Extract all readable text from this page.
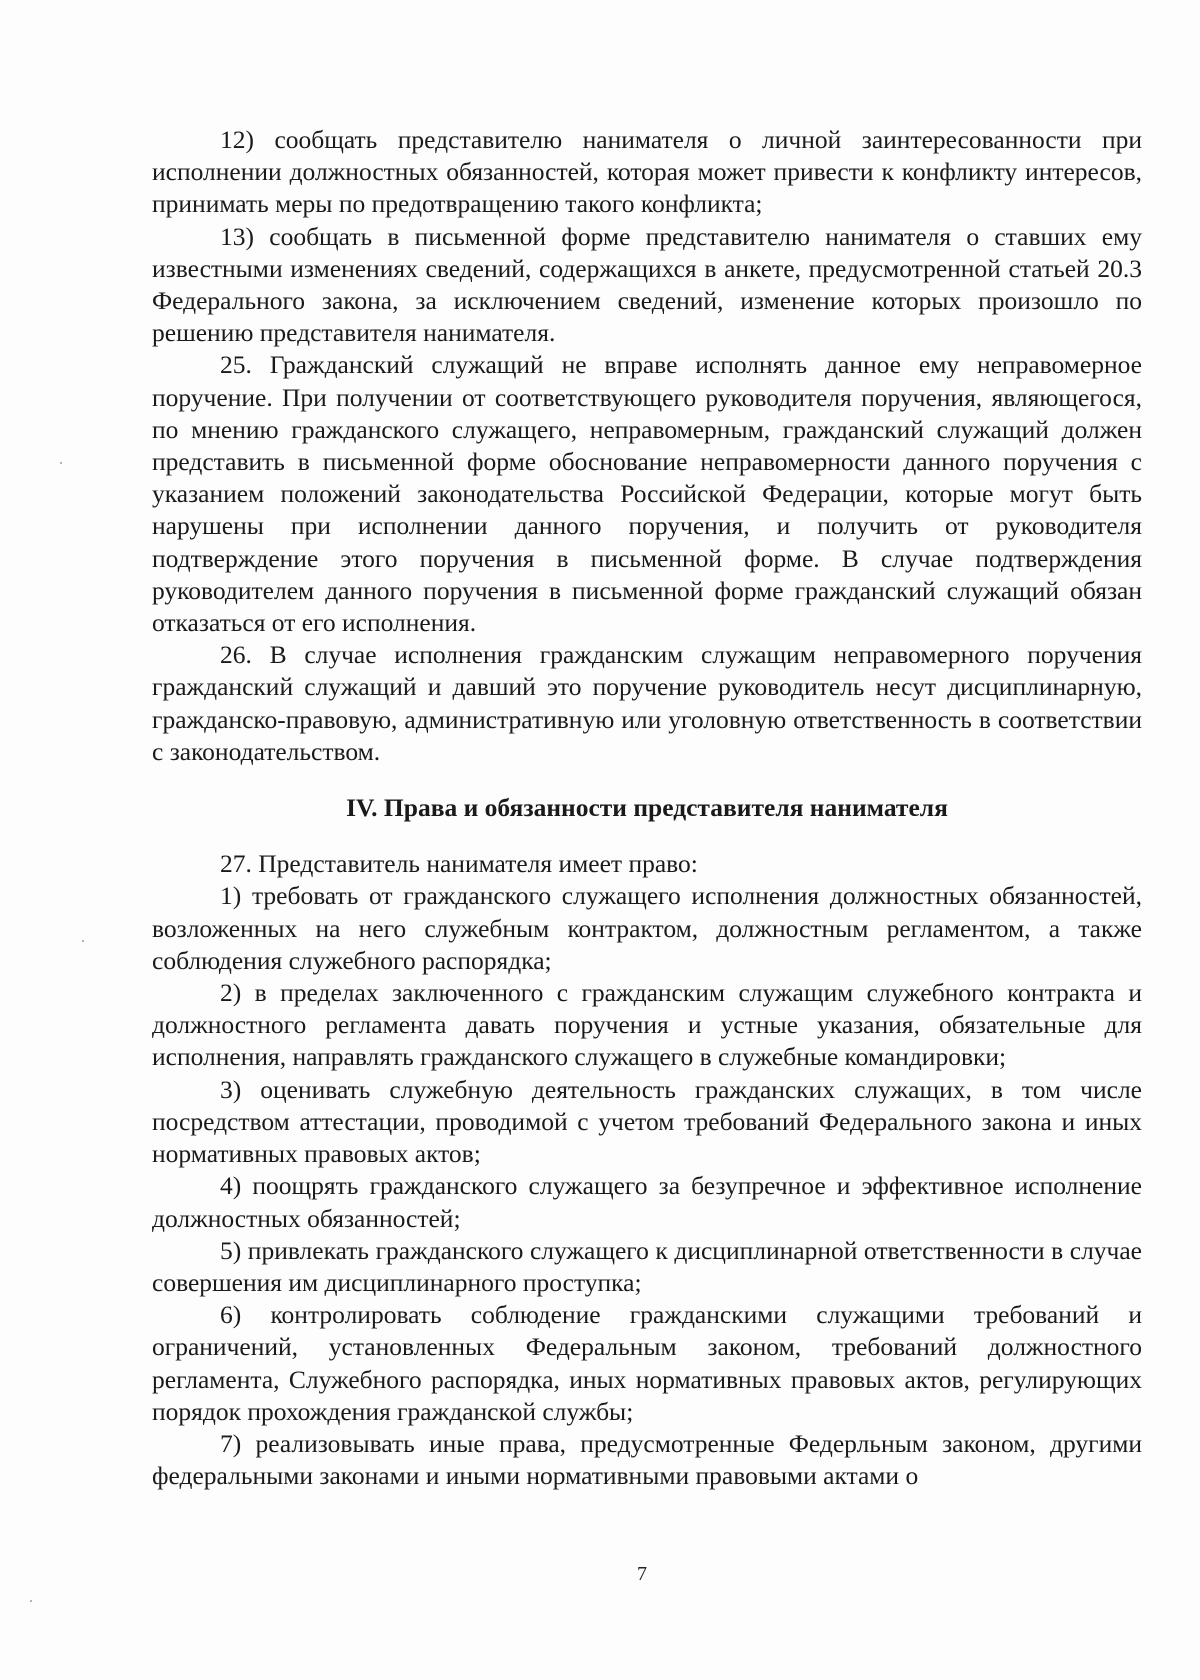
12) сообщать представителю нанимателя о личной заинтересованности при исполнении должностных обязанностей, которая может привести к конфликту интересов, принимать меры по предотвращению такого конфликта;

13) сообщать в письменной форме представителю нанимателя о ставших ему известными изменениях сведений, содержащихся в анкете, предусмотренной статьей 20.3 Федерального закона, за исключением сведений, изменение которых произошло по решению представителя нанимателя.

25. Гражданский служащий не вправе исполнять данное ему неправомерное поручение. При получении от соответствующего руководителя поручения, являющегося, по мнению гражданского служащего, неправомерным, гражданский служащий должен представить в письменной форме обоснование неправомерности данного поручения с указанием положений законодательства Российской Федерации, которые могут быть нарушены при исполнении данного поручения, и получить от руководителя подтверждение этого поручения в письменной форме. В случае подтверждения руководителем данного поручения в письменной форме гражданский служащий обязан отказаться от его исполнения.

26. В случае исполнения гражданским служащим неправомерного поручения гражданский служащий и давший это поручение руководитель несут дисциплинарную, гражданско-правовую, административную или уголовную ответственность в соответствии с законодательством.

IV. Права и обязанности представителя нанимателя

27. Представитель нанимателя имеет право:

1) требовать от гражданского служащего исполнения должностных обязанностей, возложенных на него служебным контрактом, должностным регламентом, а также соблюдения служебного распорядка;

2) в пределах заключенного с гражданским служащим служебного контракта и должностного регламента давать поручения и устные указания, обязательные для исполнения, направлять гражданского служащего в служебные командировки;

3) оценивать служебную деятельность гражданских служащих, в том числе посредством аттестации, проводимой с учетом требований Федерального закона и иных нормативных правовых актов;

4) поощрять гражданского служащего за безупречное и эффективное исполнение должностных обязанностей;

5) привлекать гражданского служащего к дисциплинарной ответственности в случае совершения им дисциплинарного проступка;

6) контролировать соблюдение гражданскими служащими требований и ограничений, установленных Федеральным законом, требований должностного регламента, Служебного распорядка, иных нормативных правовых актов, регулирующих порядок прохождения гражданской службы;

7) реализовывать иные права, предусмотренные Федерльным законом, другими федеральными законами и иными нормативными правовыми актами о

7
